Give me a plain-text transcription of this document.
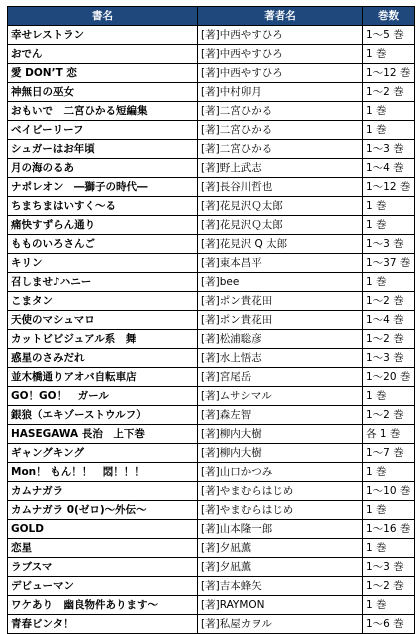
書名	著者名	巻数
幸せレストラン	[著]中西やすひろ	1～5 巻
おでん	[著]中西やすひろ	1 巻
愛 DON’T 恋	[著]中西やすひろ	1～12 巻
神無日の巫女	[著]中村卯月	1～2 巻
おもいで　二宮ひかる短編集	[著]二宮ひかる	1 巻
ベイビーリーフ	[著]二宮ひかる	1 巻
シュガーはお年頃	[著]二宮ひかる	1～3 巻
月の海のるあ	[著]野上武志	1～4 巻
ナポレオン　―獅子の時代―	[著]長谷川哲也	1～12 巻
ちまちまはいすく～る	[著]花見沢Ｑ太郎	1 巻
痛快すずらん通り	[著]花見沢Ｑ太郎	1 巻
もものいろさんご	[著]花見沢 Q 太郎	1～3 巻
キリン	[著]東本昌平	1～37 巻
召しませ♪ハニー	[著]bee	1 巻
こまタン	[著]ポン貴花田	1～2 巻
天使のマシュマロ	[著]ポン貴花田	1～4 巻
カットビビジュアル系　舞	[著]松浦聡彦	1～2 巻
惑星のさみだれ	[著]水上悟志	1～3 巻
並木橋通りアオバ自転車店	[著]宮尾岳	1～20 巻
GO！GO！　ガール	[著]ムサシマル	1 巻
銀狼（エキゾーストウルフ）	[著]森左智	1～2 巻
HASEGAWA 長治　上下巻	[著]柳内大樹	各 1 巻
ギャングキング	[著]柳内大樹	1～7 巻
Mon！ もん！！　悶！！！	[著]山口かつみ	1 巻
カムナガラ	[著]やまむらはじめ	1～10 巻
カムナガラ 0(ゼロ)～外伝～	[著]やまむらはじめ	1 巻
GOLD	[著]山本隆一郎	1～16 巻
恋星	[著]夕凪薫	1 巻
ラブスマ	[著]夕凪薫	1～3 巻
デビューマン	[著]吉本蜂矢	1～2 巻
ワケあり　幽良物件あります～	[著]RAYMON	1 巻
青春ビンタ！	[著]私屋カヲル	1～6 巻
